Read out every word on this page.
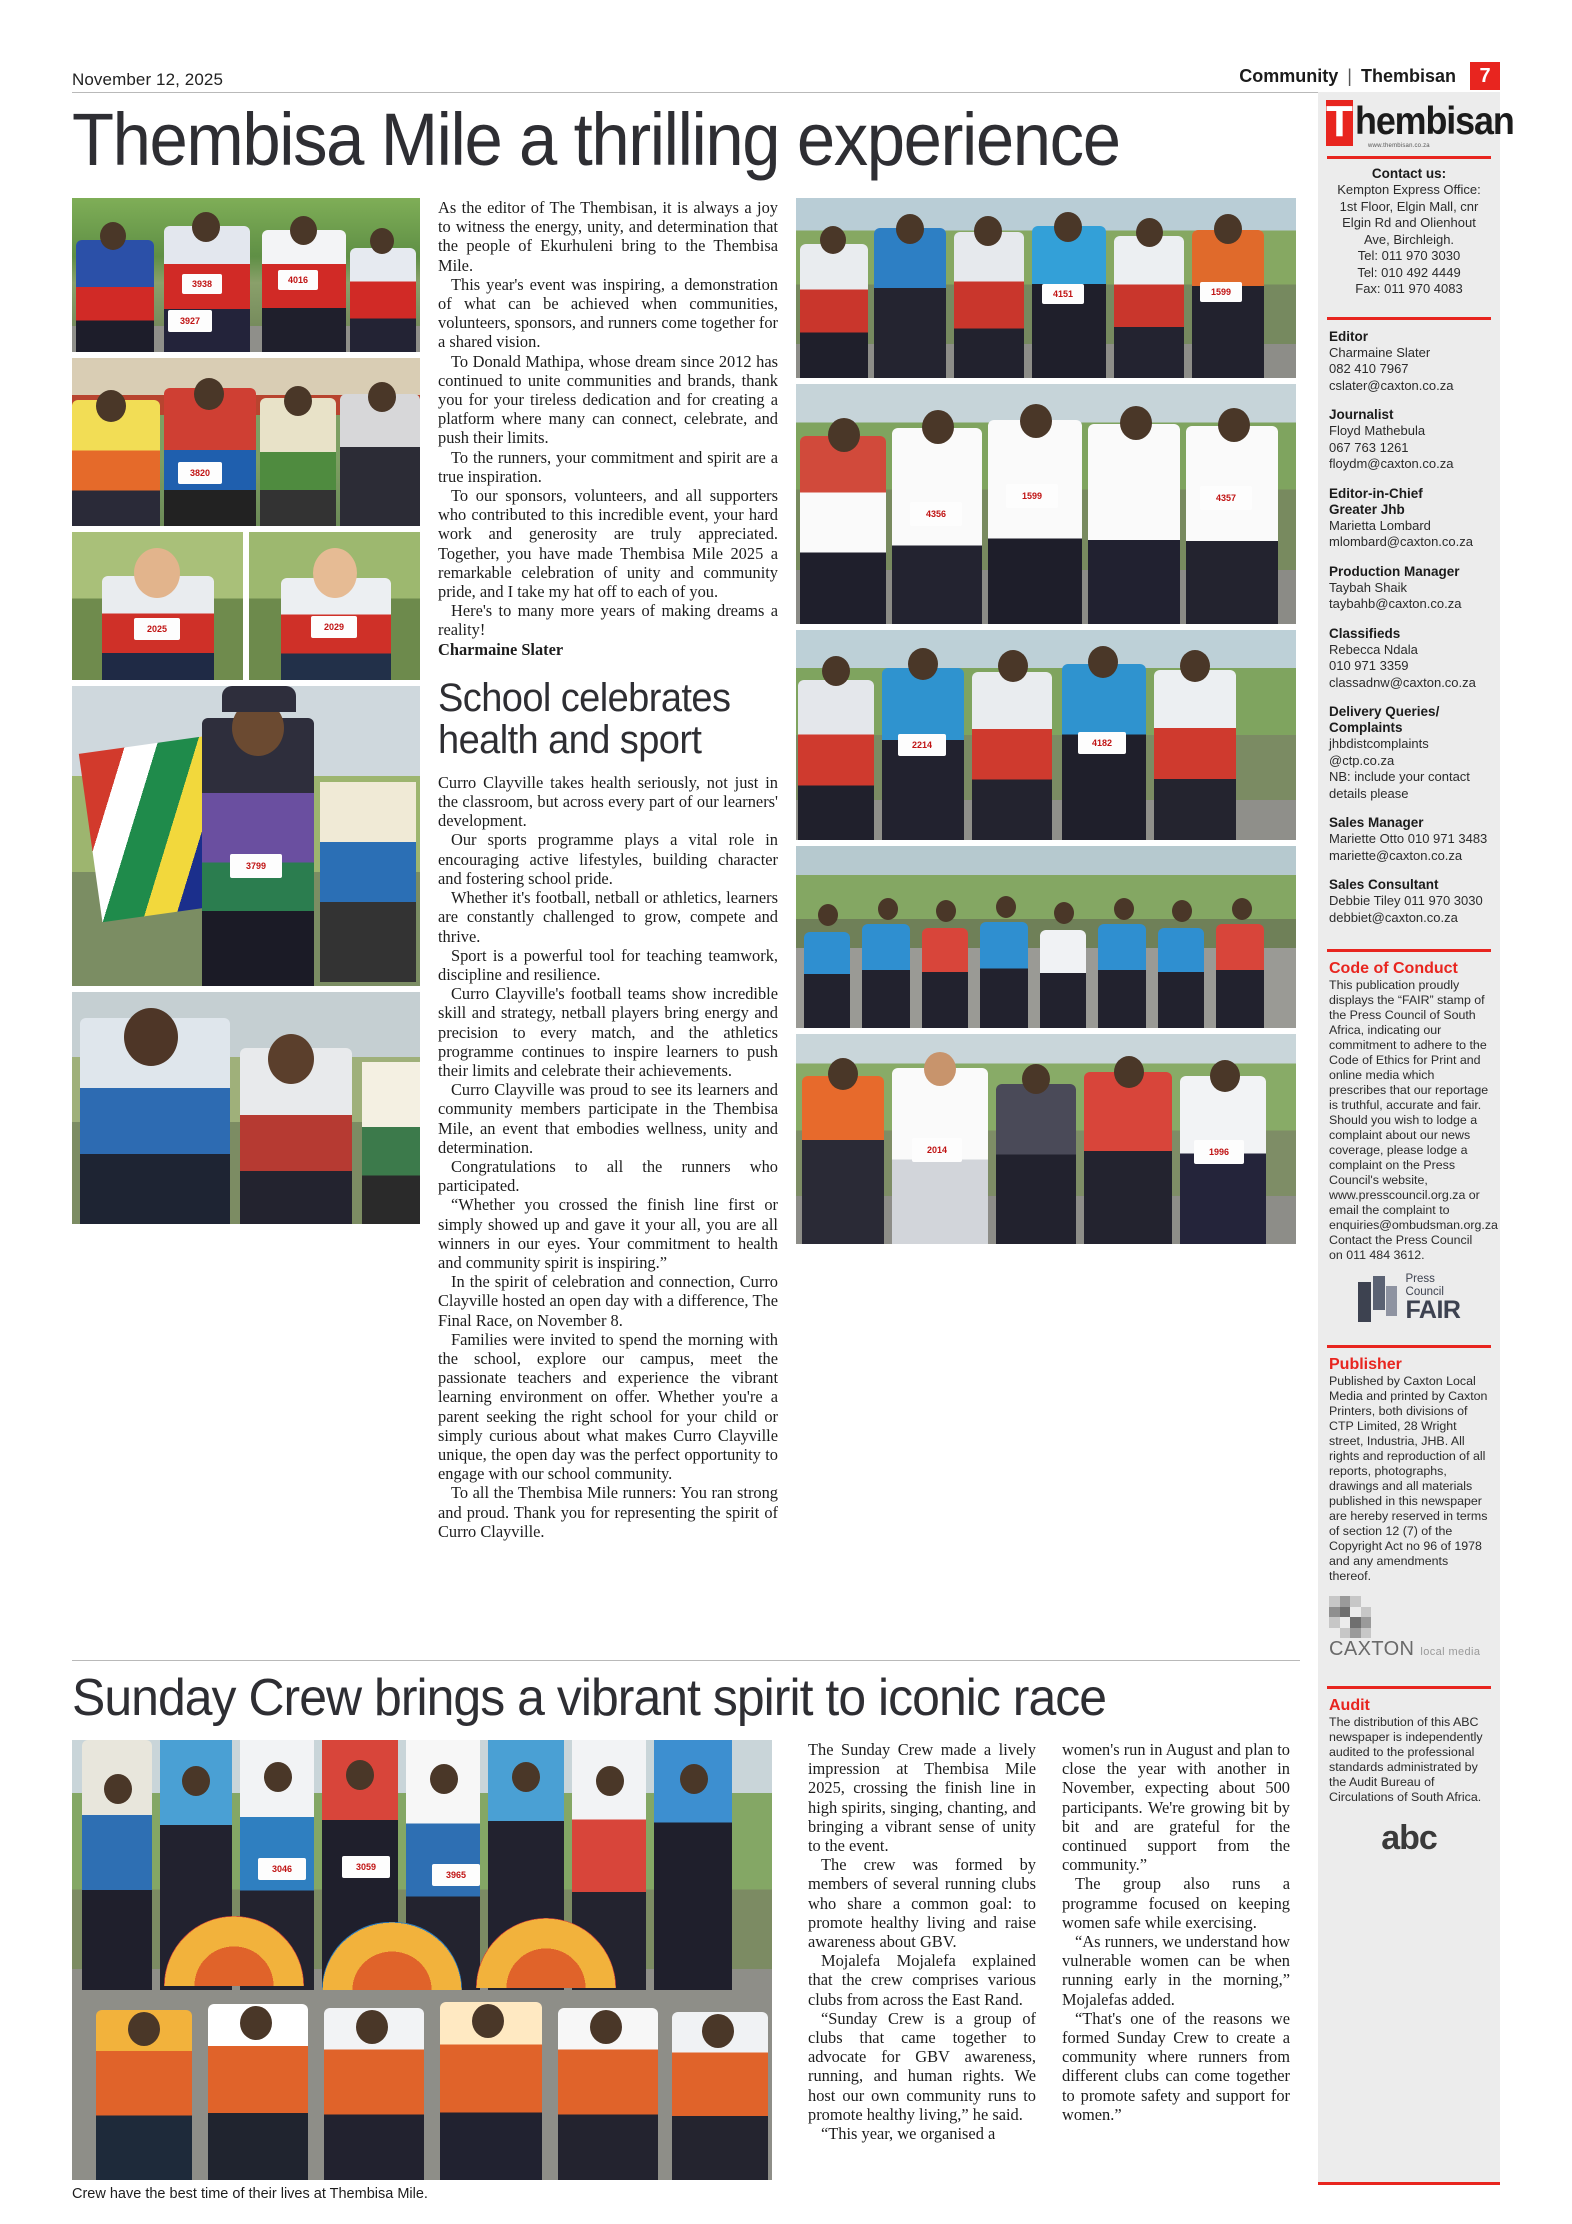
November 12, 2025	Community | Thembisan	7
Thembisa Mile a thrilling experience
3938	4016
3927
3820
2025	2029
3799

As the editor of The Thembisan, it is always a joy to witness the energy, unity, and determination that the people of Ekurhuleni bring to the Thembisa Mile.

This year's event was inspiring, a demonstration of what can be achieved when communities, volunteers, sponsors, and runners come together for a shared vision.

To Donald Mathipa, whose dream since 2012 has continued to unite communities and brands, thank you for your tireless dedication and for creating a platform where many can connect, celebrate, and push their limits.

To the runners, your commitment and spirit are a true inspiration.

To our sponsors, volunteers, and all supporters who contributed to this incredible event, your hard work and generosity are truly appreciated. Together, you have made Thembisa Mile 2025 a remarkable celebration of unity and community pride, and I take my hat off to each of you.

Here's to many more years of making dreams a reality!

Charmaine Slater

School celebrates health and sport

Curro Clayville takes health seriously, not just in the classroom, but across every part of our learners' development.

Our sports programme plays a vital role in encouraging active lifestyles, building character and fostering school pride.

Whether it's football, netball or athletics, learners are constantly challenged to grow, compete and thrive.

Sport is a powerful tool for teaching teamwork, discipline and resilience.

Curro Clayville's football teams show incredible skill and strategy, netball players bring energy and precision to every match, and the athletics programme continues to inspire learners to push their limits and celebrate their achievements.

Curro Clayville was proud to see its learners and community members participate in the Thembisa Mile, an event that embodies wellness, unity and determination.

Congratulations to all the runners who participated.

“Whether you crossed the finish line first or simply showed up and gave it your all, you are all winners in our eyes. Your commitment to health and community spirit is inspiring.”

In the spirit of celebration and connection, Curro Clayville hosted an open day with a difference, The Final Race, on November 8.

Families were invited to spend the morning with the school, explore our campus, meet the passionate teachers and experience the vibrant learning environment on offer. Whether you're a parent seeking the right school for your child or simply curious about what makes Curro Clayville unique, the open day was the perfect opportunity to engage with our school community.

To all the Thembisa Mile runners: You ran strong and proud. Thank you for representing the spirit of Curro Clayville.

4151	1599
4356
1599	4357
2214	4182
2014	1996
Sunday Crew brings a vibrant spirit to iconic race
3046	3059
3965
Crew have the best time of their lives at Thembisa Mile.

The Sunday Crew made a lively impression at Thembisa Mile 2025, crossing the finish line in high spirits, singing, chanting, and bringing a vibrant sense of unity to the event.

The crew was formed by members of several running clubs who share a common goal: to promote healthy living and raise awareness about GBV.

Mojalefa Mojalefa explained that the crew comprises various clubs from across the East Rand.

“Sunday Crew is a group of clubs that came together to advocate for GBV awareness, running, and human rights. We host our own community runs to promote healthy living,” he said.

“This year, we organised a

women's run in August and plan to close the year with another in November, expecting about 500 participants. We're growing bit by bit and are grateful for the continued support from the community.”

The group also runs a programme focused on keeping women safe while exercising.

“As runners, we understand how vulnerable women can be when running early in the morning,” Mojalefas added.

“That's one of the reasons we formed Sunday Crew to create a community where runners from different clubs can come together to promote safety and support for women.”

T hembisan
www.thembisan.co.za
Contact us:
Kempton Express Office:
1st Floor, Elgin Mall, cnr
Elgin Rd and Olienhout
Ave, Birchleigh.
Tel: 011 970 3030
Tel: 010 492 4449
Fax: 011 970 4083
Editor
Charmaine Slater
082 410 7967
cslater@caxton.co.za
Journalist
Floyd Mathebula
067 763 1261
floydm@caxton.co.za
Editor-in-Chief
Greater Jhb
Marietta Lombard
mlombard@caxton.co.za
Production Manager
Taybah Shaik
taybahb@caxton.co.za
Classifieds
Rebecca Ndala
010 971 3359
classadnw@caxton.co.za
Delivery Queries/
Complaints
jhbdistcomplaints
@ctp.co.za
NB: include your contact
details please
Sales Manager
Mariette Otto 010 971 3483
mariette@caxton.co.za
Sales Consultant
Debbie Tiley 011 970 3030
debbiet@caxton.co.za
Code of Conduct
This publication proudly displays the “FAIR” stamp of the Press Council of South Africa, indicating our commitment to adhere to the Code of Ethics for Print and online media which prescribes that our reportage is truthful, accurate and fair. Should you wish to lodge a complaint about our news coverage, please lodge a complaint on the Press Council's website, www.presscouncil.org.za or email the complaint to enquiries@ombudsman.org.za Contact the Press Council on 011 484 3612.
Press
Council
FAIR
Publisher
Published by Caxton Local Media and printed by Caxton Printers, both divisions of CTP Limited, 28 Wright street, Industria, JHB. All rights and reproduction of all reports, photographs, drawings and all materials published in this newspaper are hereby reserved in terms of section 12 (7) of the Copyright Act no 96 of 1978 and any amendments thereof.
CAXTON local media
Audit
The distribution of this ABC newspaper is independently audited to the professional standards administrated by the Audit Bureau of Circulations of South Africa.
abc
